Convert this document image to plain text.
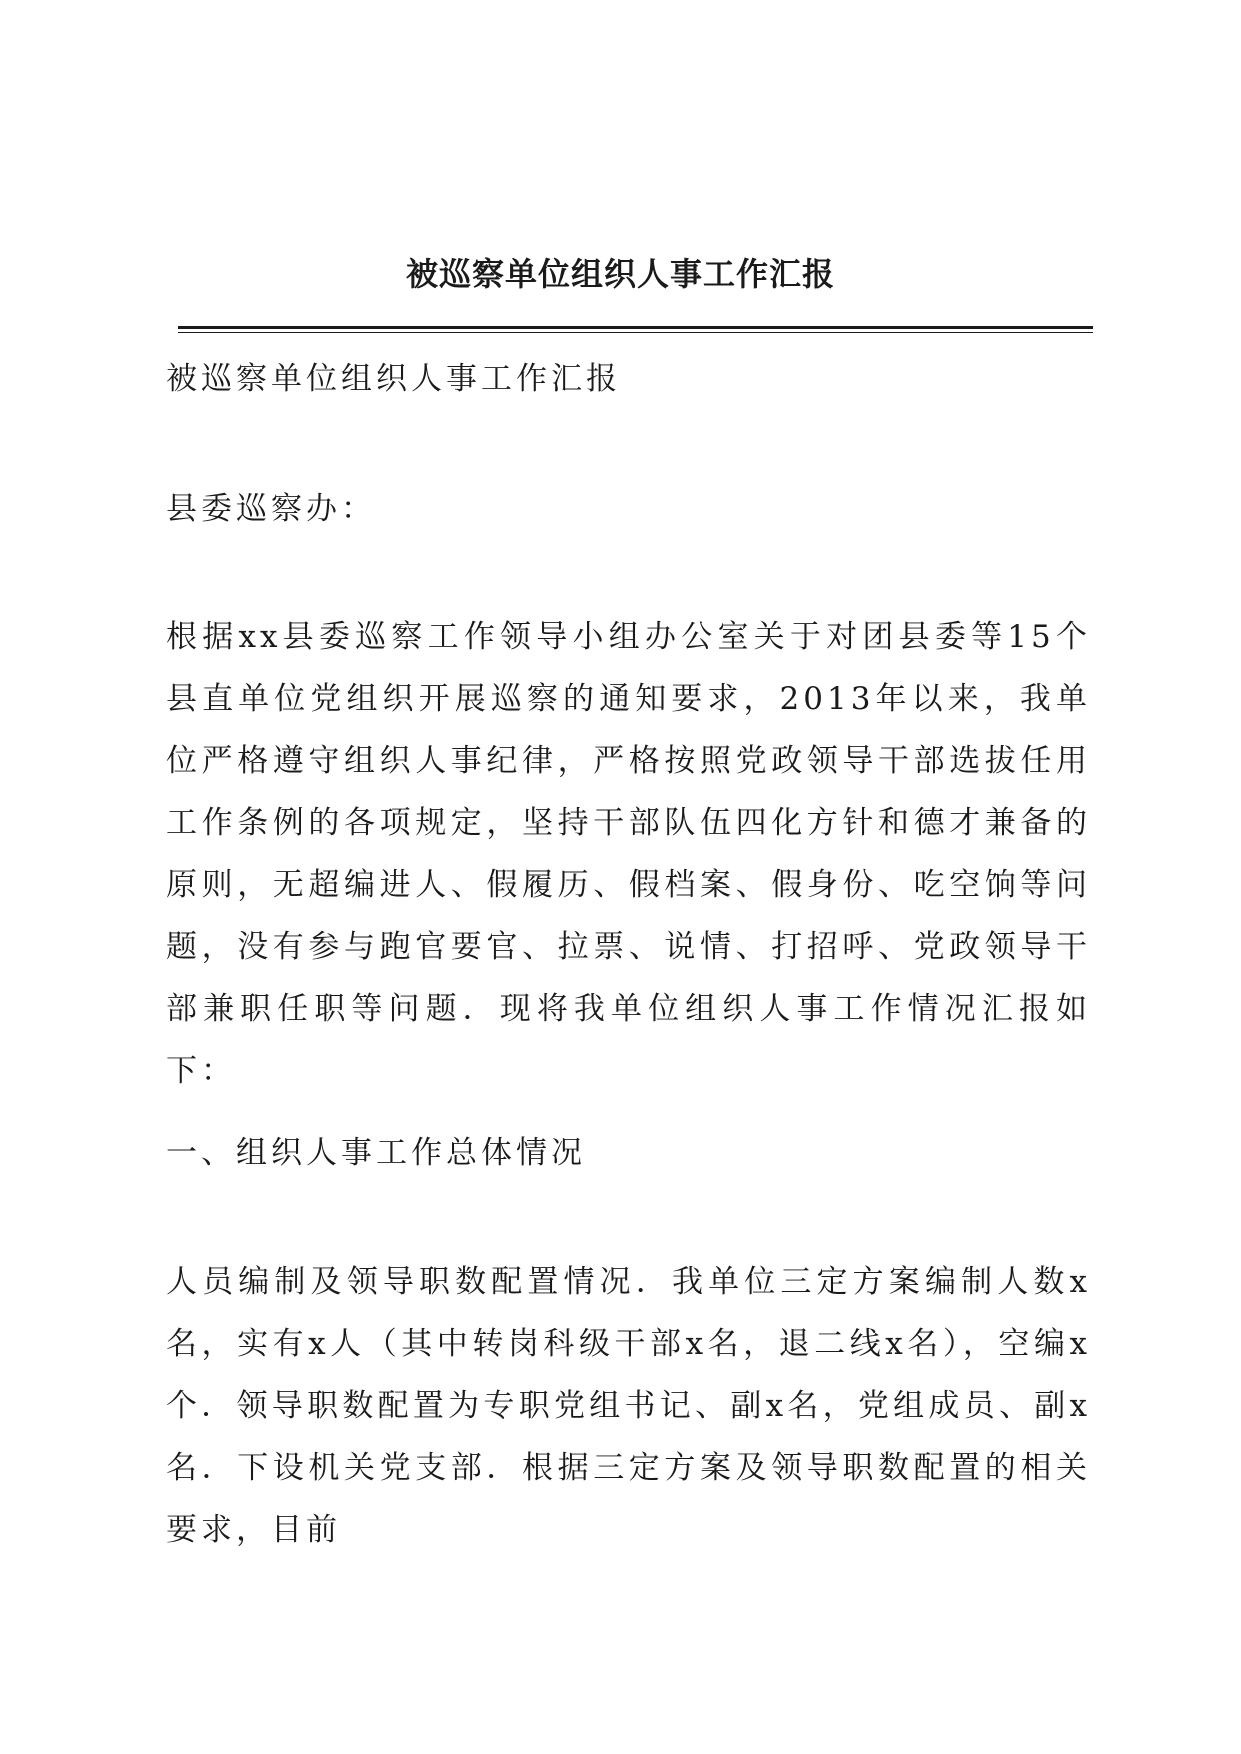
被巡察单位组织人事工作汇报

被巡察单位组织人事工作汇报

县委巡察办：

根据xx县委巡察工作领导小组办公室关于对团县委等15个县直单位党组织开展巡察的通知要求，2013年以来，我单位严格遵守组织人事纪律，严格按照党政领导干部选拔任用工作条例的各项规定，坚持干部队伍四化方针和德才兼备的原则，无超编进人、假履历、假档案、假身份、吃空饷等问题，没有参与跑官要官、拉票、说情、打招呼、党政领导干部兼职任职等问题．现将我单位组织人事工作情况汇报如下：

一、组织人事工作总体情况

人员编制及领导职数配置情况．我单位三定方案编制人数x名，实有x人（其中转岗科级干部x名，退二线x名），空编x个．领导职数配置为专职党组书记、副x名，党组成员、副x名．下设机关党支部．根据三定方案及领导职数配置的相关要求，目前
